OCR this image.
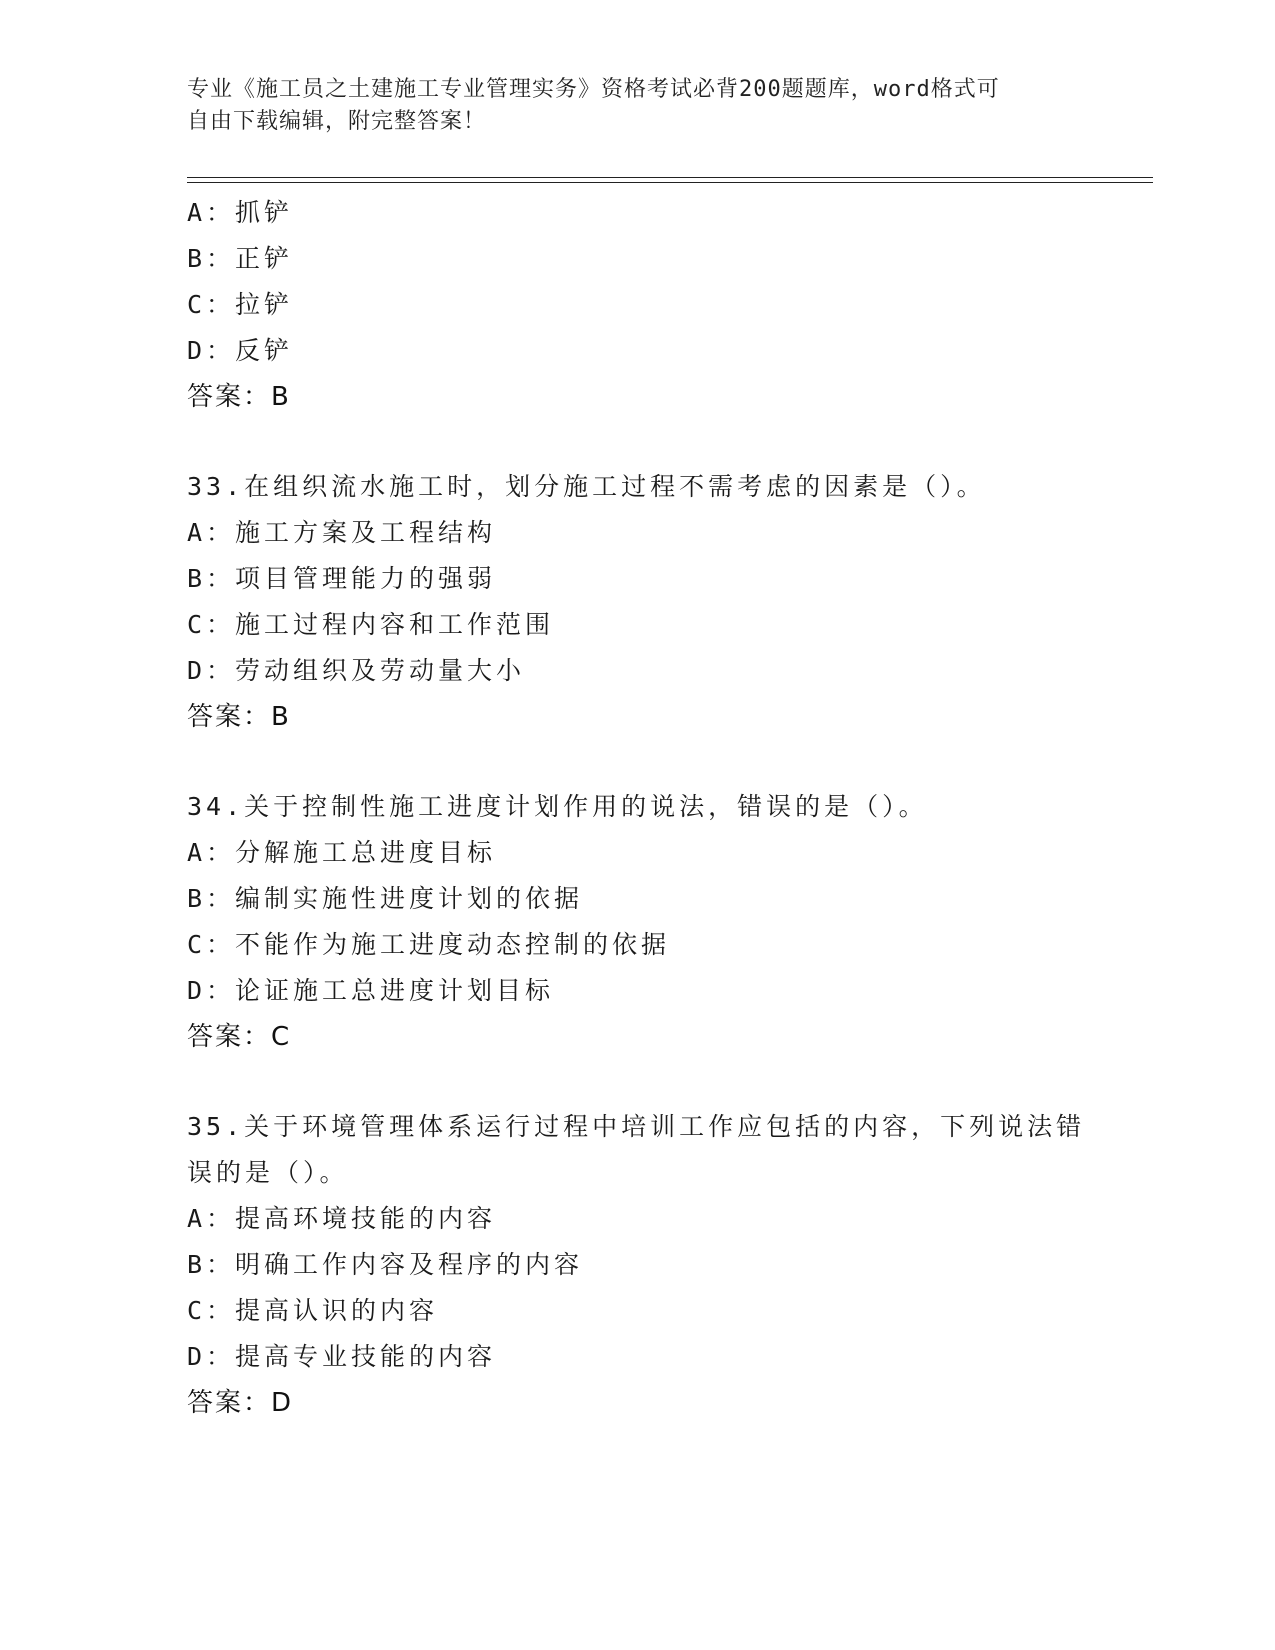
专业《施工员之土建施工专业管理实务》资格考试必背200题题库，word格式可
自由下载编辑，附完整答案！
A：抓铲
B：正铲
C：拉铲
D：反铲
答案：B
33.在组织流水施工时，划分施工过程不需考虑的因素是（）。
A：施工方案及工程结构
B：项目管理能力的强弱
C：施工过程内容和工作范围
D：劳动组织及劳动量大小
答案：B
34.关于控制性施工进度计划作用的说法，错误的是（）。
A：分解施工总进度目标
B：编制实施性进度计划的依据
C：不能作为施工进度动态控制的依据
D：论证施工总进度计划目标
答案：C
35.关于环境管理体系运行过程中培训工作应包括的内容，下列说法错
误的是（）。
A：提高环境技能的内容
B：明确工作内容及程序的内容
C：提高认识的内容
D：提高专业技能的内容
答案：D
